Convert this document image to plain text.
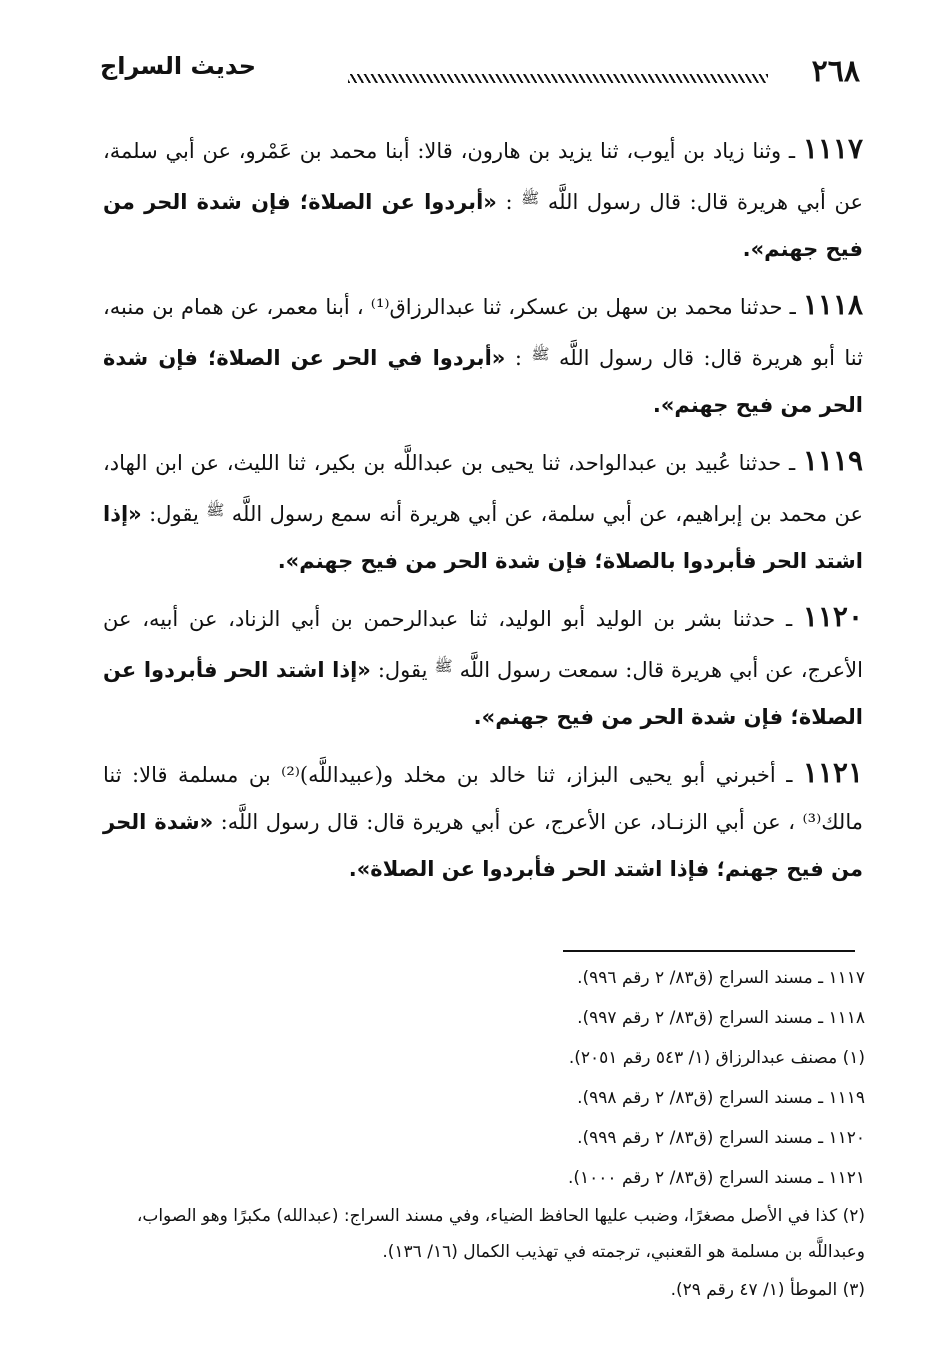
٢٦٨
حديث السراج

١١١٧ ـ وثنا زياد بن أيوب، ثنا يزيد بن هارون، قالا: أبنا محمد بن عَمْرو، عن أبي سلمة، عن أبي هريرة قال: قال رسول اللَّه $^ﷺ$ : «أبردوا عن الصلاة؛ فإن شدة الحر من فيح جهنم».

١١١٨ ـ حدثنا محمد بن سهل بن عسكر، ثنا عبدالرزاق⁽¹⁾ ، أبنا معمر، عن همام بن منبه، ثنا أبو هريرة قال: قال رسول اللَّه $^ﷺ$ : «أبردوا في الحر عن الصلاة؛ فإن شدة الحر من فيح جهنم».

١١١٩ ـ حدثنا عُبيد بن عبدالواحد، ثنا يحيى بن عبداللَّه بن بكير، ثنا الليث، عن ابن الهاد، عن محمد بن إبراهيم، عن أبي سلمة، عن أبي هريرة أنه سمع رسول اللَّه $^ﷺ$ يقول: «إذا اشتد الحر فأبردوا بالصلاة؛ فإن شدة الحر من فيح جهنم».

١١٢٠ ـ حدثنا بشر بن الوليد أبو الوليد، ثنا عبدالرحمن بن أبي الزناد، عن أبيه، عن الأعرج، عن أبي هريرة قال: سمعت رسول اللَّه $^ﷺ$ يقول: «إذا اشتد الحر فأبردوا عن الصلاة؛ فإن شدة الحر من فيح جهنم».

١١٢١ ـ أخبرني أبو يحيى البزاز، ثنا خالد بن مخلد و(عبيداللَّه)⁽²⁾ بن مسلمة قالا: ثنا مالك⁽³⁾ ، عن أبي الزنـاد، عن الأعرج، عن أبي هريرة قال: قال رسول اللَّه: «شدة الحر من فيح جهنم؛ فإذا اشتد الحر فأبردوا عن الصلاة».

١١١٧ ـ مسند السراج (ق٨٣/ ٢ رقم ٩٩٦).

١١١٨ ـ مسند السراج (ق٨٣/ ٢ رقم ٩٩٧).

(١) مصنف عبدالرزاق (١/ ٥٤٣ رقم ٢٠٥١).

١١١٩ ـ مسند السراج (ق٨٣/ ٢ رقم ٩٩٨).

١١٢٠ ـ مسند السراج (ق٨٣/ ٢ رقم ٩٩٩).

١١٢١ ـ مسند السراج (ق٨٣/ ٢ رقم ١٠٠٠).

(٢) كذا في الأصل مصغرًا، وضبب عليها الحافظ الضياء، وفي مسند السراج: (عبدالله) مكبرًا وهو الصواب، وعبداللَّه بن مسلمة هو القعنبي، ترجمته في تهذيب الكمال (١٦/ ١٣٦).

(٣) الموطأ (١/ ٤٧ رقم ٢٩).
